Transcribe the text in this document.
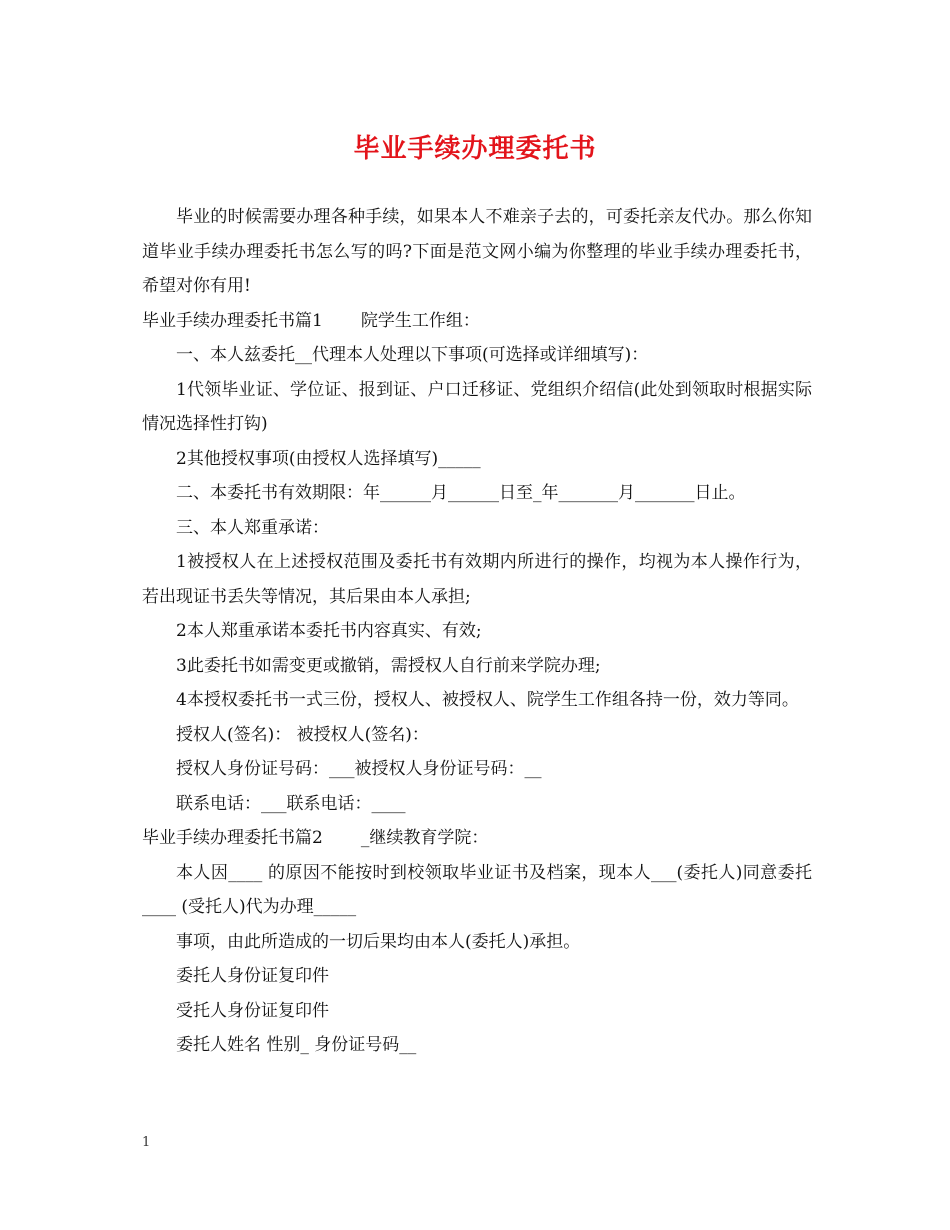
毕业手续办理委托书

毕业的时候需要办理各种手续，如果本人不难亲子去的，可委托亲友代办。那么你知道毕业手续办理委托书怎么写的吗?下面是范文网小编为你整理的毕业手续办理委托书，希望对你有用!

毕业手续办理委托书篇1 院学生工作组：

一、本人兹委托__代理本人处理以下事项(可选择或详细填写)：

1代领毕业证、学位证、报到证、户口迁移证、党组织介绍信(此处到领取时根据实际情况选择性打钩)

2其他授权事项(由授权人选择填写)_____

二、本委托书有效期限：年______月______日至_年_______月_______日止。

三、本人郑重承诺：

1被授权人在上述授权范围及委托书有效期内所进行的操作，均视为本人操作行为，若出现证书丢失等情况，其后果由本人承担;

2本人郑重承诺本委托书内容真实、有效;

3此委托书如需变更或撤销，需授权人自行前来学院办理;

4本授权委托书一式三份，授权人、被授权人、院学生工作组各持一份，效力等同。

授权人(签名)： 被授权人(签名)：

授权人身份证号码：___被授权人身份证号码：__

联系电话：___联系电话：____

毕业手续办理委托书篇2 _继续教育学院：

本人因____ 的原因不能按时到校领取毕业证书及档案，现本人___(委托人)同意委托____ (受托人)代为办理_____

事项，由此所造成的一切后果均由本人(委托人)承担。

委托人身份证复印件

受托人身份证复印件

委托人姓名 性别_ 身份证号码__

1
